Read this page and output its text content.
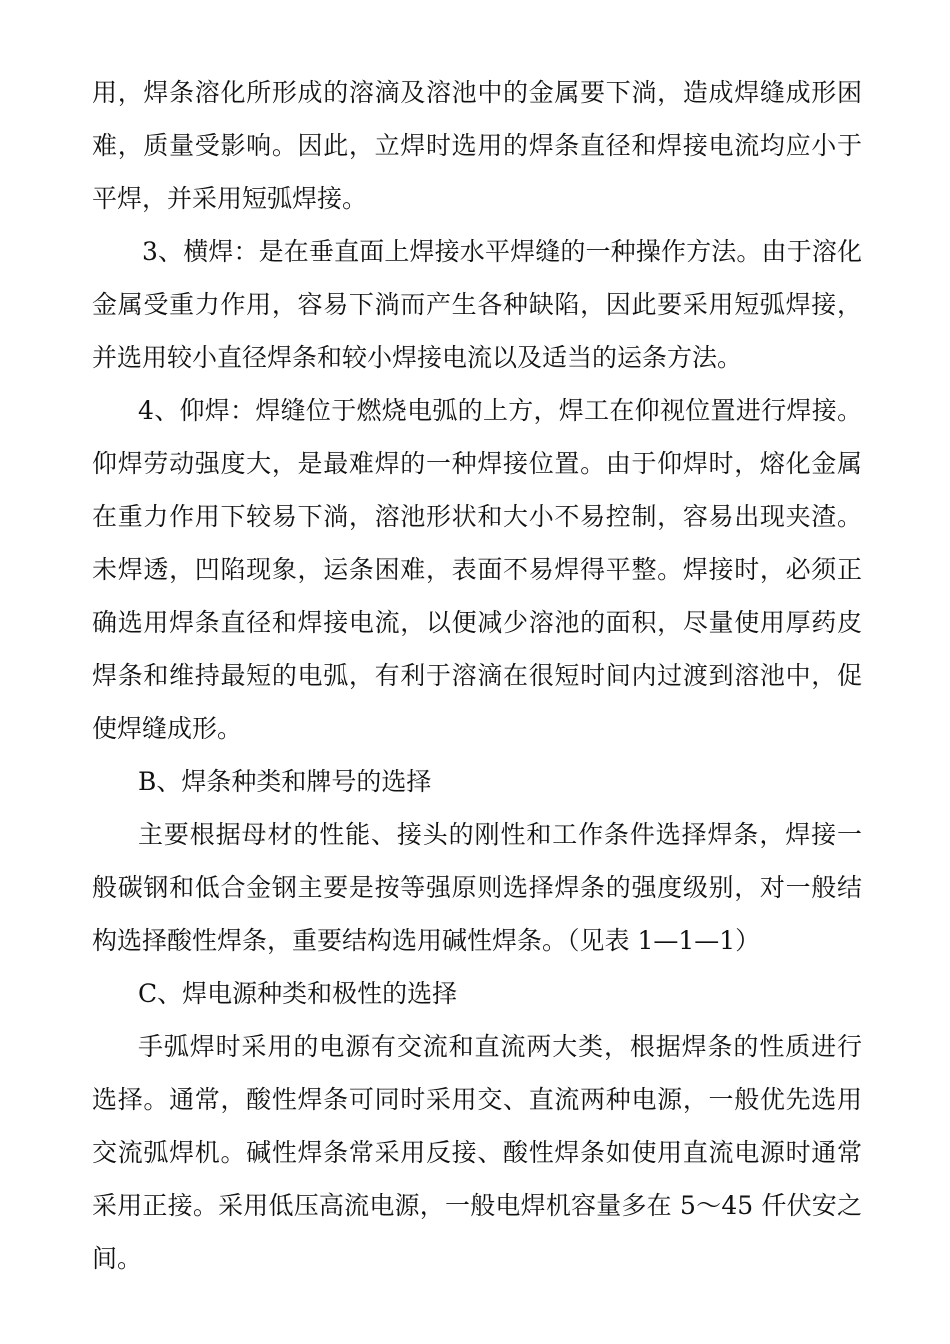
用，焊条溶化所形成的溶滴及溶池中的金属要下淌，造成焊缝成形困
难，质量受影响。因此，立焊时选用的焊条直径和焊接电流均应小于
平焊，并采用短弧焊接。
3、横焊：是在垂直面上焊接水平焊缝的一种操作方法。由于溶化
金属受重力作用，容易下淌而产生各种缺陷，因此要采用短弧焊接，
并选用较小直径焊条和较小焊接电流以及适当的运条方法。
4、仰焊：焊缝位于燃烧电弧的上方，焊工在仰视位置进行焊接。
仰焊劳动强度大，是最难焊的一种焊接位置。由于仰焊时，熔化金属
在重力作用下较易下淌，溶池形状和大小不易控制，容易出现夹渣。
未焊透，凹陷现象，运条困难，表面不易焊得平整。焊接时，必须正
确选用焊条直径和焊接电流，以便减少溶池的面积，尽量使用厚药皮
焊条和维持最短的电弧，有利于溶滴在很短时间内过渡到溶池中，促
使焊缝成形。
B、焊条种类和牌号的选择
主要根据母材的性能、接头的刚性和工作条件选择焊条，焊接一
般碳钢和低合金钢主要是按等强原则选择焊条的强度级别，对一般结
构选择酸性焊条，重要结构选用碱性焊条。（见表 1—1—1）
C、焊电源种类和极性的选择
手弧焊时采用的电源有交流和直流两大类，根据焊条的性质进行
选择。通常，酸性焊条可同时采用交、直流两种电源，一般优先选用
交流弧焊机。碱性焊条常采用反接、酸性焊条如使用直流电源时通常
采用正接。采用低压高流电源，一般电焊机容量多在 5～45 仟伏安之
间。
